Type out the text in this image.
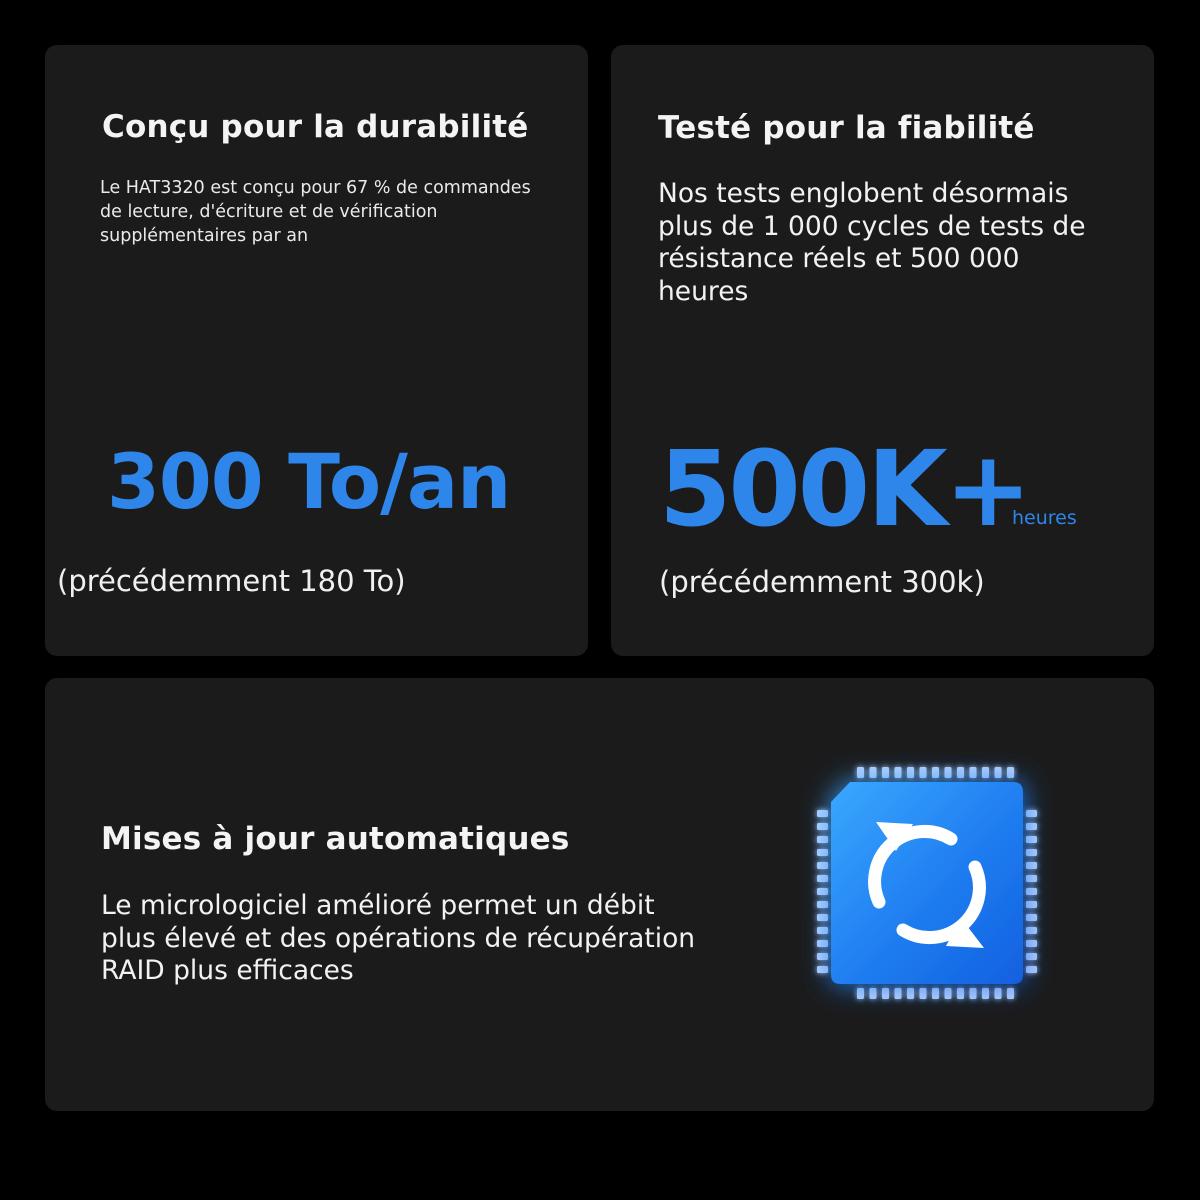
Conçu pour la durabilité
Le HAT3320 est conçu pour 67 % de commandes
de lecture, d'écriture et de vérification
supplémentaires par an
300 To/an
(précédemment 180 To)
Testé pour la fiabilité
Nos tests englobent désormais
plus de 1 000 cycles de tests de
résistance réels et 500 000
heures
500K+
heures
(précédemment 300k)
Mises à jour automatiques
Le micrologiciel amélioré permet un débit
plus élevé et des opérations de récupération
RAID plus efficaces
